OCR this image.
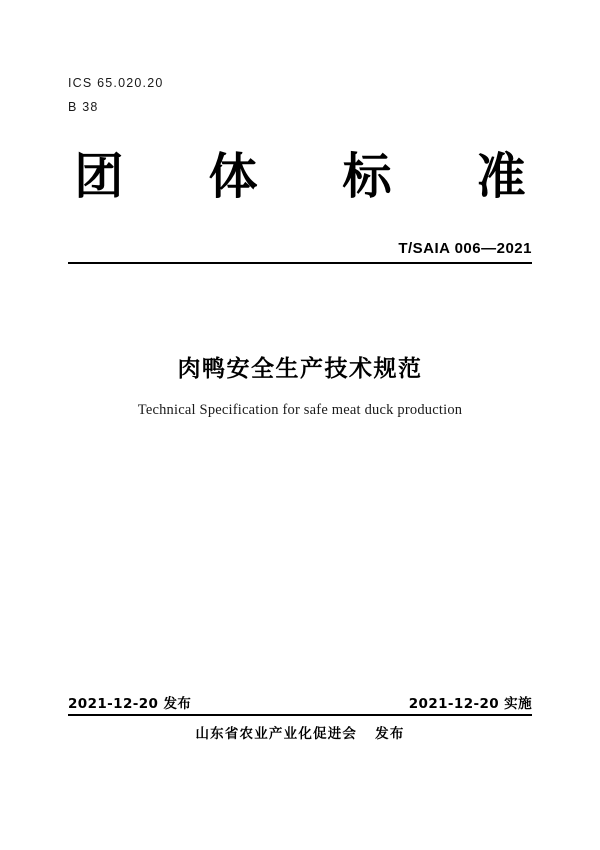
ICS 65.020.20
B 38
团 体 标 准
T/SAIA 006—2021
肉鸭安全生产技术规范
Technical Specification for safe meat duck production
2021-12-20 发布	2021-12-20 实施
山东省农业产业化促进会 发布
